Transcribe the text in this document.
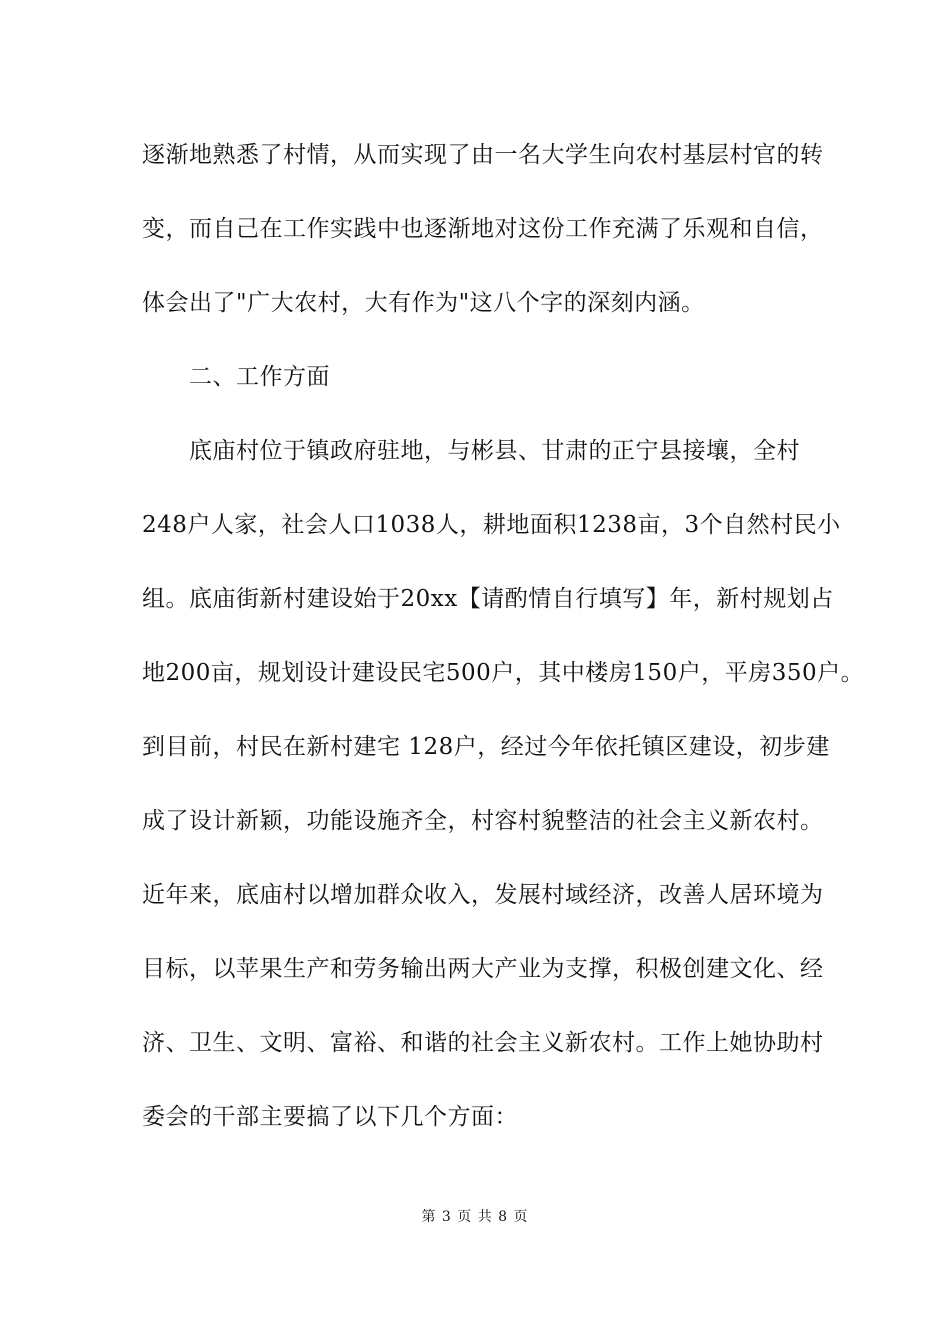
逐渐地熟悉了村情，从而实现了由一名大学生向农村基层村官的转
变，而自己在工作实践中也逐渐地对这份工作充满了乐观和自信，
体会出了"广大农村，大有作为"这八个字的深刻内涵。
　　二、工作方面
　　底庙村位于镇政府驻地，与彬县、甘肃的正宁县接壤，全村
248户人家，社会人口1038人，耕地面积1238亩，3个自然村民小
组。底庙街新村建设始于20xx【请酌情自行填写】年，新村规划占
地200亩，规划设计建设民宅500户，其中楼房150户，平房350户。
到目前，村民在新村建宅 128户，经过今年依托镇区建设，初步建
成了设计新颖，功能设施齐全，村容村貌整洁的社会主义新农村。
近年来，底庙村以增加群众收入，发展村域经济，改善人居环境为
目标，以苹果生产和劳务输出两大产业为支撑，积极创建文化、经
济、卫生、文明、富裕、和谐的社会主义新农村。工作上她协助村
委会的干部主要搞了以下几个方面：
第 3 页 共 8 页
